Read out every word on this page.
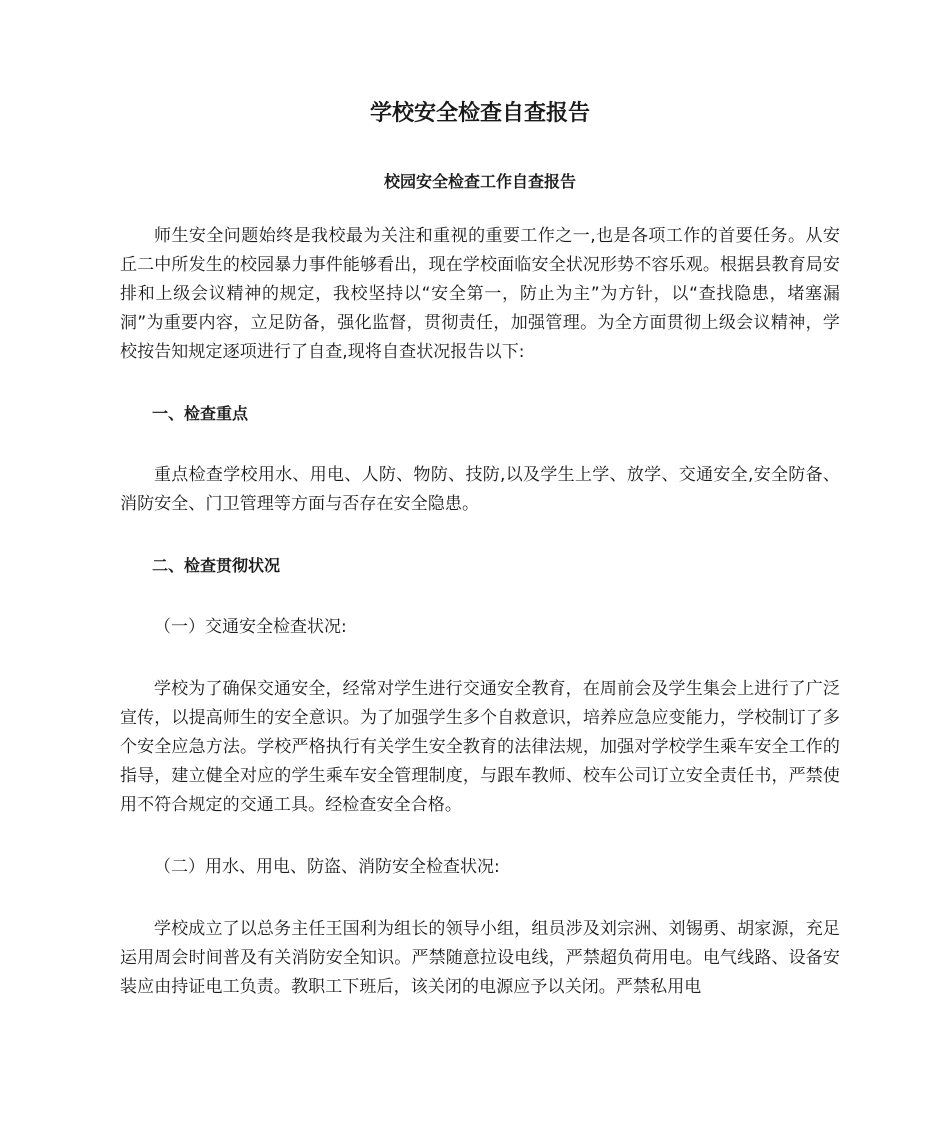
学校安全检查自查报告
校园安全检查工作自查报告

师生安全问题始终是我校最为关注和重视的重要工作之一,也是各项工作的首要任务。从安丘二中所发生的校园暴力事件能够看出，现在学校面临安全状况形势不容乐观。根据县教育局安排和上级会议精神的规定，我校坚持以“安全第一，防止为主”为方针，以“查找隐患，堵塞漏洞”为重要内容，立足防备，强化监督，贯彻责任，加强管理。为全方面贯彻上级会议精神，学校按告知规定逐项进行了自查,现将自查状况报告以下:

一、检查重点

重点检查学校用水、用电、人防、物防、技防,以及学生上学、放学、交通安全,安全防备、消防安全、门卫管理等方面与否存在安全隐患。

二、检查贯彻状况
（一）交通安全检查状况:

学校为了确保交通安全，经常对学生进行交通安全教育，在周前会及学生集会上进行了广泛宣传，以提高师生的安全意识。为了加强学生多个自救意识，培养应急应变能力，学校制订了多个安全应急方法。学校严格执行有关学生安全教育的法律法规，加强对学校学生乘车安全工作的指导，建立健全对应的学生乘车安全管理制度，与跟车教师、校车公司订立安全责任书，严禁使用不符合规定的交通工具。经检查安全合格。

（二）用水、用电、防盗、消防安全检查状况:

学校成立了以总务主任王国利为组长的领导小组，组员涉及刘宗洲、刘锡勇、胡家源，充足运用周会时间普及有关消防安全知识。严禁随意拉设电线，严禁超负荷用电。电气线路、设备安装应由持证电工负责。教职工下班后，该关闭的电源应予以关闭。严禁私用电
